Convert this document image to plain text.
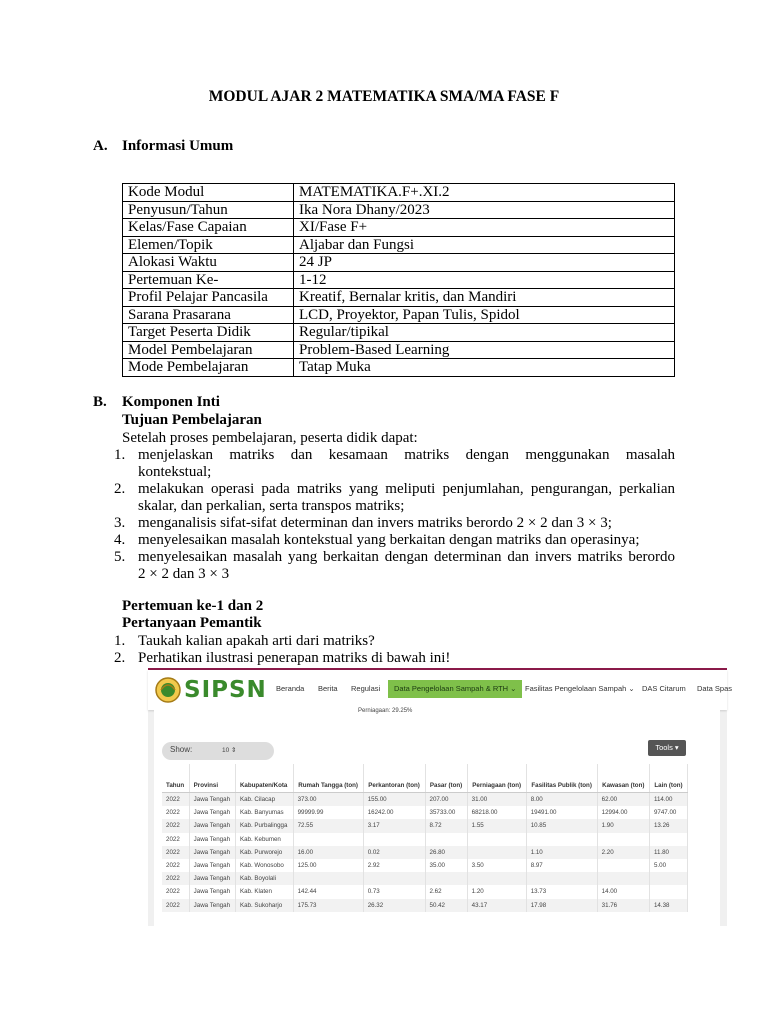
MODUL AJAR 2 MATEMATIKA SMA/MA FASE F
A. Informasi Umum
Kode Modul	MATEMATIKA.F+.XI.2
Penyusun/Tahun	Ika Nora Dhany/2023
Kelas/Fase Capaian	XI/Fase F+
Elemen/Topik	Aljabar dan Fungsi
Alokasi Waktu	24 JP
Pertemuan Ke-	1-12
Profil Pelajar Pancasila	Kreatif, Bernalar kritis, dan Mandiri
Sarana Prasarana	LCD, Proyektor, Papan Tulis, Spidol
Target Peserta Didik	Regular/tipikal
Model Pembelajaran	Problem-Based Learning
Mode Pembelajaran	Tatap Muka
B. Komponen Inti
Tujuan Pembelajaran
Setelah proses pembelajaran, peserta didik dapat:
1. menjelaskan matriks dan kesamaan matriks dengan menggunakan masalah
kontekstual;
2. melakukan operasi pada matriks yang meliputi penjumlahan, pengurangan, perkalian
skalar, dan perkalian, serta transpos matriks;
3. menganalisis sifat-sifat determinan dan invers matriks berordo 2 × 2 dan 3 × 3;
4. menyelesaikan masalah kontekstual yang berkaitan dengan matriks dan operasinya;
5. menyelesaikan masalah yang berkaitan dengan determinan dan invers matriks berordo
2 × 2 dan 3 × 3
Pertemuan ke-1 dan 2
Pertanyaan Pemantik
1. Taukah kalian apakah arti dari matriks?
2. Perhatikan ilustrasi penerapan matriks di bawah ini!
SIPSN Beranda Berita Regulasi	Data Pengelolaan Sampah & RTH ⌄	Fasilitas Pengelolaan Sampah ⌄ DAS Citarum Data Spas
Perniagaan: 29.25%
Show:	10 ⇕	Tools ▾
Tahun	Provinsi	Kabupaten/Kota	Rumah Tangga (ton)	Perkantoran (ton)	Pasar (ton)	Perniagaan (ton)	Fasilitas Publik (ton)	Kawasan (ton)	Lain (ton)
2022	Jawa Tengah	Kab. Cilacap	373.00	155.00	207.00	31.00	8.00	62.00	114.00
2022	Jawa Tengah	Kab. Banyumas	99999.99	16242.00	35733.00	68218.00	19491.00	12994.00	9747.00
2022	Jawa Tengah	Kab. Purbalingga	72.55	3.17	8.72	1.55	10.85	1.90	13.26
2022	Jawa Tengah	Kab. Kebumen							
2022	Jawa Tengah	Kab. Purworejo	16.00	0.02	26.80		1.10	2.20	11.80
2022	Jawa Tengah	Kab. Wonosobo	125.00	2.92	35.00	3.50	8.97		5.00
2022	Jawa Tengah	Kab. Boyolali							
2022	Jawa Tengah	Kab. Klaten	142.44	0.73	2.62	1.20	13.73	14.00	
2022	Jawa Tengah	Kab. Sukoharjo	175.73	26.32	50.42	43.17	17.98	31.76	14.38
